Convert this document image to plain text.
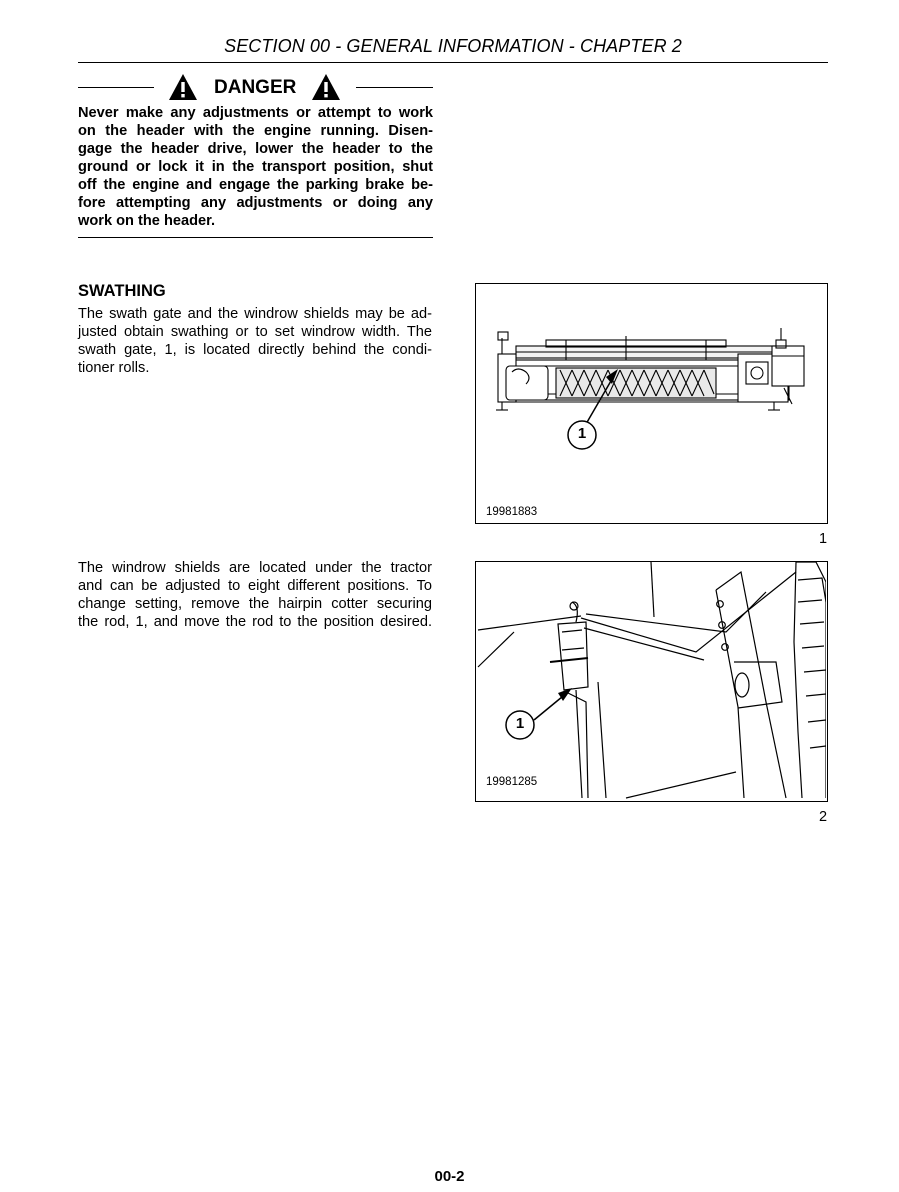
SECTION 00 - GENERAL INFORMATION - CHAPTER 2
DANGER
Never make any adjustments or attempt to work
on the header with the engine running. Disen-
gage the header drive, lower the header to the
ground or lock it in the transport position, shut
off the engine and engage the parking brake be-
fore attempting any adjustments or doing any
work on the header.
SWATHING
The swath gate and the windrow shields may be ad-
justed obtain swathing or to set windrow width. The
swath gate, 1, is located directly behind the condi-
tioner rolls.
The windrow shields are located under the tractor
and can be adjusted to eight different positions. To
change setting, remove the hairpin cotter securing
the rod, 1, and move the rod to the position desired.
1
19981883
1
1
19981285
2
00-2
